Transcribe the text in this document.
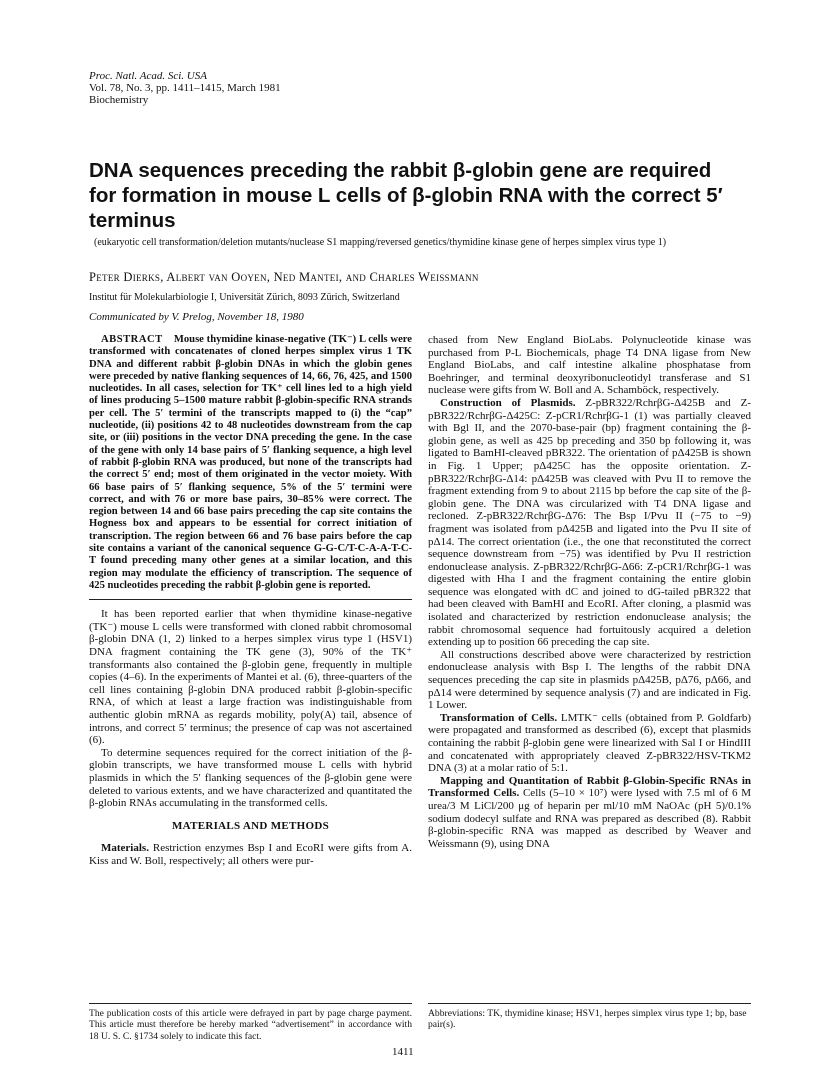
Proc. Natl. Acad. Sci. USA
Vol. 78, No. 3, pp. 1411–1415, March 1981
Biochemistry
DNA sequences preceding the rabbit β-globin gene are required for formation in mouse L cells of β-globin RNA with the correct 5′ terminus
(eukaryotic cell transformation/deletion mutants/nuclease S1 mapping/reversed genetics/thymidine kinase gene of herpes simplex virus type 1)
Peter Dierks, Albert van Ooyen, Ned Mantei, and Charles Weissmann
Institut für Molekularbiologie I, Universität Zürich, 8093 Zürich, Switzerland
Communicated by V. Prelog, November 18, 1980

ABSTRACT Mouse thymidine kinase-negative (TK⁻) L cells were transformed with concatenates of cloned herpes simplex virus 1 TK DNA and different rabbit β-globin DNAs in which the globin genes were preceded by native flanking sequences of 14, 66, 76, 425, and 1500 nucleotides. In all cases, selection for TK⁺ cell lines led to a high yield of lines producing 5–1500 mature rabbit β-globin-specific RNA strands per cell. The 5′ termini of the transcripts mapped to (i) the “cap” nucleotide, (ii) positions 42 to 48 nucleotides downstream from the cap site, or (iii) positions in the vector DNA preceding the gene. In the case of the gene with only 14 base pairs of 5′ flanking sequence, a high level of rabbit β-globin RNA was produced, but none of the transcripts had the correct 5′ end; most of them originated in the vector moiety. With 66 base pairs of 5′ flanking sequence, 5% of the 5′ termini were correct, and with 76 or more base pairs, 30–85% were correct. The region between 14 and 66 base pairs preceding the cap site contains the Hogness box and appears to be essential for correct initiation of transcription. The region between 66 and 76 base pairs before the cap site contains a variant of the canonical sequence G-G-C/T-C-A-A-T-C-T found preceding many other genes at a similar location, and this region may modulate the efficiency of transcription. The sequence of 425 nucleotides preceding the rabbit β-globin gene is reported.

It has been reported earlier that when thymidine kinase-negative (TK⁻) mouse L cells were transformed with cloned rabbit chromosomal β-globin DNA (1, 2) linked to a herpes simplex virus type 1 (HSV1) DNA fragment containing the TK gene (3), 90% of the TK⁺ transformants also contained the β-globin gene, frequently in multiple copies (4–6). In the experiments of Mantei et al. (6), three-quarters of the cell lines containing β-globin DNA produced rabbit β-globin-specific RNA, of which at least a large fraction was indistinguishable from authentic globin mRNA as regards mobility, poly(A) tail, absence of introns, and correct 5′ terminus; the presence of cap was not ascertained (6).

To determine sequences required for the correct initiation of the β-globin transcripts, we have transformed mouse L cells with hybrid plasmids in which the 5′ flanking sequences of the β-globin gene were deleted to various extents, and we have characterized and quantitated the β-globin RNAs accumulating in the transformed cells.

MATERIALS AND METHODS

Materials. Restriction enzymes Bsp I and EcoRI were gifts from A. Kiss and W. Boll, respectively; all others were pur-

chased from New England BioLabs. Polynucleotide kinase was purchased from P-L Biochemicals, phage T4 DNA ligase from New England BioLabs, and calf intestine alkaline phosphatase from Boehringer, and terminal deoxyribonucleotidyl transferase and S1 nuclease were gifts from W. Boll and A. Schamböck, respectively.

Construction of Plasmids. Z-pBR322/RchrβG-Δ425B and Z-pBR322/RchrβG-Δ425C: Z-pCR1/RchrβG-1 (1) was partially cleaved with Bgl II, and the 2070-base-pair (bp) fragment containing the β-globin gene, as well as 425 bp preceding and 350 bp following it, was ligated to BamHI-cleaved pBR322. The orientation of pΔ425B is shown in Fig. 1 Upper; pΔ425C has the opposite orientation. Z-pBR322/RchrβG-Δ14: pΔ425B was cleaved with Pvu II to remove the fragment extending from 9 to about 2115 bp before the cap site of the β-globin gene. The DNA was circularized with T4 DNA ligase and recloned. Z-pBR322/RchrβG-Δ76: The Bsp I/Pvu II (−75 to −9) fragment was isolated from pΔ425B and ligated into the Pvu II site of pΔ14. The correct orientation (i.e., the one that reconstituted the correct sequence downstream from −75) was identified by Pvu II restriction endonuclease analysis. Z-pBR322/RchrβG-Δ66: Z-pCR1/RchrβG-1 was digested with Hha I and the fragment containing the entire globin sequence was elongated with dC and joined to dG-tailed pBR322 that had been cleaved with BamHI and EcoRI. After cloning, a plasmid was isolated and characterized by restriction endonuclease analysis; the rabbit chromosomal sequence had fortuitously acquired a deletion extending up to position 66 preceding the cap site.

All constructions described above were characterized by restriction endonuclease analysis with Bsp I. The lengths of the rabbit DNA sequences preceding the cap site in plasmids pΔ425B, pΔ76, pΔ66, and pΔ14 were determined by sequence analysis (7) and are indicated in Fig. 1 Lower.

Transformation of Cells. LMTK⁻ cells (obtained from P. Goldfarb) were propagated and transformed as described (6), except that plasmids containing the rabbit β-globin gene were linearized with Sal I or HindIII and concatenated with appropriately cleaved Z-pBR322/HSV-TKM2 DNA (3) at a molar ratio of 5:1.

Mapping and Quantitation of Rabbit β-Globin-Specific RNAs in Transformed Cells. Cells (5–10 × 10⁷) were lysed with 7.5 ml of 6 M urea/3 M LiCl/200 μg of heparin per ml/10 mM NaOAc (pH 5)/0.1% sodium dodecyl sulfate and RNA was prepared as described (8). Rabbit β-globin-specific RNA was mapped as described by Weaver and Weissmann (9), using DNA

The publication costs of this article were defrayed in part by page charge payment. This article must therefore be hereby marked “advertisement” in accordance with 18 U. S. C. §1734 solely to indicate this fact.
Abbreviations: TK, thymidine kinase; HSV1, herpes simplex virus type 1; bp, base pair(s).
1411
